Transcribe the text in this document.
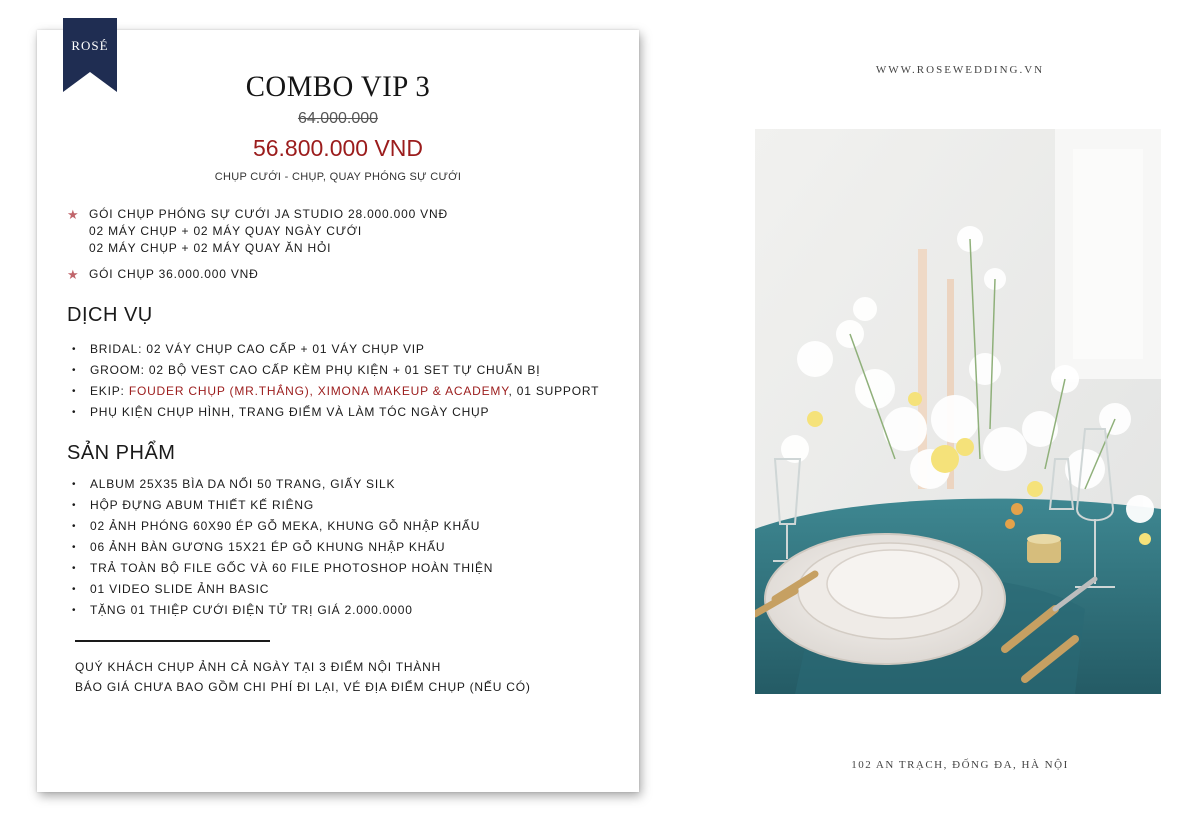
ROSÉ
COMBO VIP 3
64.000.000
56.800.000 VND
CHỤP CƯỚI - CHỤP, QUAY PHÓNG SỰ CƯỚI
★ GÓI CHỤP PHÓNG SỰ CƯỚI JA STUDIO 28.000.000 VNĐ
02 MÁY CHỤP + 02 MÁY QUAY NGÀY CƯỚI
02 MÁY CHỤP + 02 MÁY QUAY ĂN HỎI
★ GÓI CHỤP 36.000.000 VNĐ
DỊCH VỤ
• BRIDAL: 02 VÁY CHỤP CAO CẤP + 01 VÁY CHỤP VIP
• GROOM: 02 BỘ VEST CAO CẤP KÈM PHỤ KIỆN + 01 SET TỰ CHUẨN BỊ
• EKIP: FOUDER CHỤP (MR.THẮNG), XIMONA MAKEUP & ACADEMY, 01 SUPPORT
• PHỤ KIỆN CHỤP HÌNH, TRANG ĐIỂM VÀ LÀM TÓC NGÀY CHỤP
SẢN PHẨM
• ALBUM 25X35 BÌA DA NỔI 50 TRANG, GIẤY SILK
• HỘP ĐỰNG ABUM THIẾT KẾ RIÊNG
• 02 ẢNH PHÓNG 60X90 ÉP GỖ MEKA, KHUNG GỖ NHẬP KHẨU
• 06 ẢNH BÀN GƯƠNG 15X21 ÉP GỖ KHUNG NHẬP KHẨU
• TRẢ TOÀN BỘ FILE GỐC VÀ 60 FILE PHOTOSHOP HOÀN THIỆN
• 01 VIDEO SLIDE ẢNH BASIC
• TẶNG 01 THIỆP CƯỚI ĐIỆN TỬ TRỊ GIÁ 2.000.0000
QUÝ KHÁCH CHỤP ẢNH CẢ NGÀY TẠI 3 ĐIỂM NỘI THÀNH
BÁO GIÁ CHƯA BAO GỒM CHI PHÍ ĐI LẠI, VÉ ĐỊA ĐIỂM CHỤP (NẾU CÓ)
WWW.ROSEWEDDING.VN
102 AN TRẠCH, ĐỐNG ĐA, HÀ NỘI
